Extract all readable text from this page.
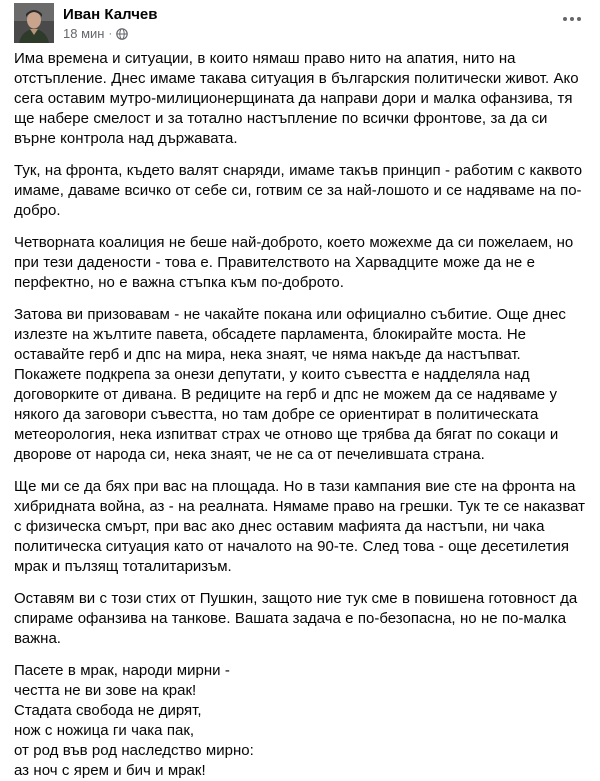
Иван Калчев
18 мин ·

Има времена и ситуации, в които нямаш право нито на апатия, нито на отстъпление. Днес имаме такава ситуация в българския политически живот. Ако сега оставим мутро-милиционерщината да направи дори и малка офанзива, тя ще набере смелост и за тотално настъпление по всички фронтове, за да си върне контрола над държавата.

Тук, на фронта, където валят снаряди, имаме такъв принцип - работим с каквото имаме, даваме всичко от себе си, готвим се за най-лошото и се надяваме на по-добро.

Четворната коалиция не беше най-доброто, което можехме да си пожелаем, но при тези дадености - това е. Правителството на Харвадците може да не е перфектно, но е важна стъпка към по-доброто.

Затова ви призовавам - не чакайте покана или официално събитие. Още днес излезте на жълтите павета, обсадете парламента, блокирайте моста. Не оставайте герб и дпс на мира, нека знаят, че няма накъде да настъпват. Покажете подкрепа за онези депутати, у които съвестта е надделяла над договорките от дивана. В редиците на герб и дпс не можем да се надяваме у някого да заговори съвестта, но там добре се ориентират в политическата метеорология, нека изпитват страх че отново ще трябва да бягат по сокаци и дворове от народа си, нека знаят, че не са от печелившата страна.

Ще ми се да бях при вас на площада. Но в тази кампания вие сте на фронта на хибридната война, аз - на реалната. Нямаме право на грешки. Тук те се наказват с физическа смърт, при вас ако днес оставим мафията да настъпи, ни чака политическа ситуация като от началото на 90-те. След това - още десетилетия мрак и пълзящ тоталитаризъм.

Оставям ви с този стих от Пушкин, защото ние тук сме в повишена готовност да спираме офанзива на танкове. Вашата задача е по-безопасна, но не по-малка важна.

Пасете в мрак, народи мирни -

честта не ви зове на крак!

Стадата свобода не дирят,

нож с ножица ги чака пак,

от род във род наследство мирно:

аз ноч с ярем и бич и мрак!
